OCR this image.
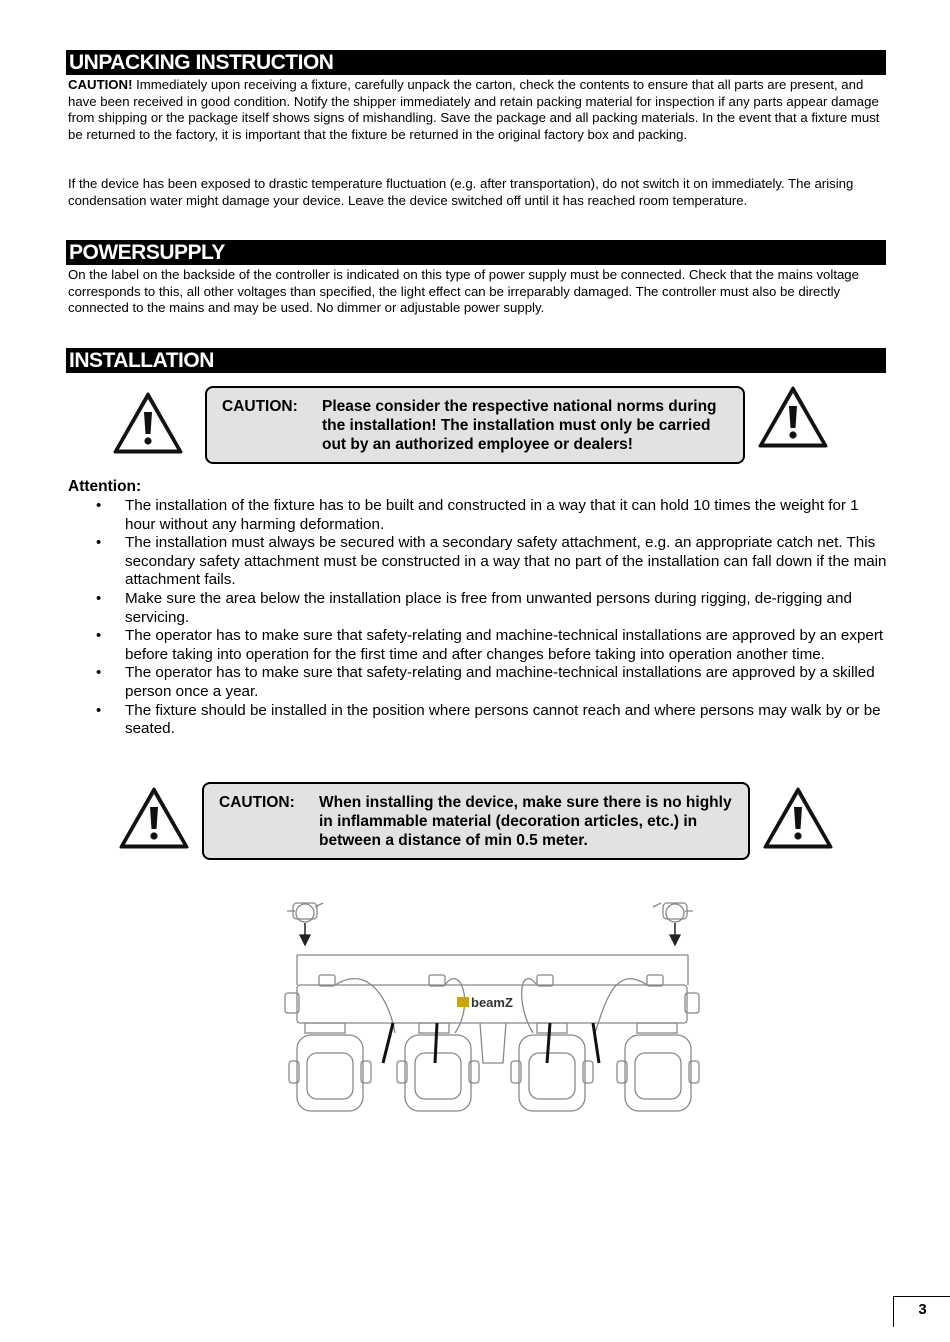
UNPACKING INSTRUCTION

CAUTION! Immediately upon receiving a fixture, carefully unpack the carton, check the contents to ensure that all parts are present, and have been received in good condition. Notify the shipper immediately and retain packing material for inspection if any parts appear damage from shipping or the package itself shows signs of mishandling. Save the package and all packing materials. In the event that a fixture must be returned to the factory, it is important that the fixture be returned in the original factory box and packing.

If the device has been exposed to drastic temperature fluctuation (e.g. after transportation), do not switch it on immediately. The arising condensation water might damage your device. Leave the device switched off until it has reached room temperature.

POWERSUPPLY

On the label on the backside of the controller is indicated on this type of power supply must be connected. Check that the mains voltage corresponds to this, all other voltages than specified, the light effect can be irreparably damaged. The controller must also be directly connected to the mains and may be used. No dimmer or adjustable power supply.

INSTALLATION
CAUTION: Please consider the respective national norms during the installation! The installation must only be carried out by an authorized employee or dealers!
Attention:
• The installation of the fixture has to be built and constructed in a way that it can hold 10 times the weight for 1 hour without any harming deformation.
• The installation must always be secured with a secondary safety attachment, e.g. an appropriate catch net. This secondary safety attachment must be constructed in a way that no part of the installation can fall down if the main attachment fails.
• Make sure the area below the installation place is free from unwanted persons during rigging, de-rigging and servicing.
• The operator has to make sure that safety-relating and machine-technical installations are approved by an expert before taking into operation for the first time and after changes before taking into operation another time.
• The operator has to make sure that safety-relating and machine-technical installations are approved by a skilled person once a year.
• The fixture should be installed in the position where persons cannot reach and where persons may walk by or be seated.
CAUTION: When installing the device, make sure there is no highly in inflammable material (decoration articles, etc.) in between a distance of min 0.5 meter.
beamZ
3
